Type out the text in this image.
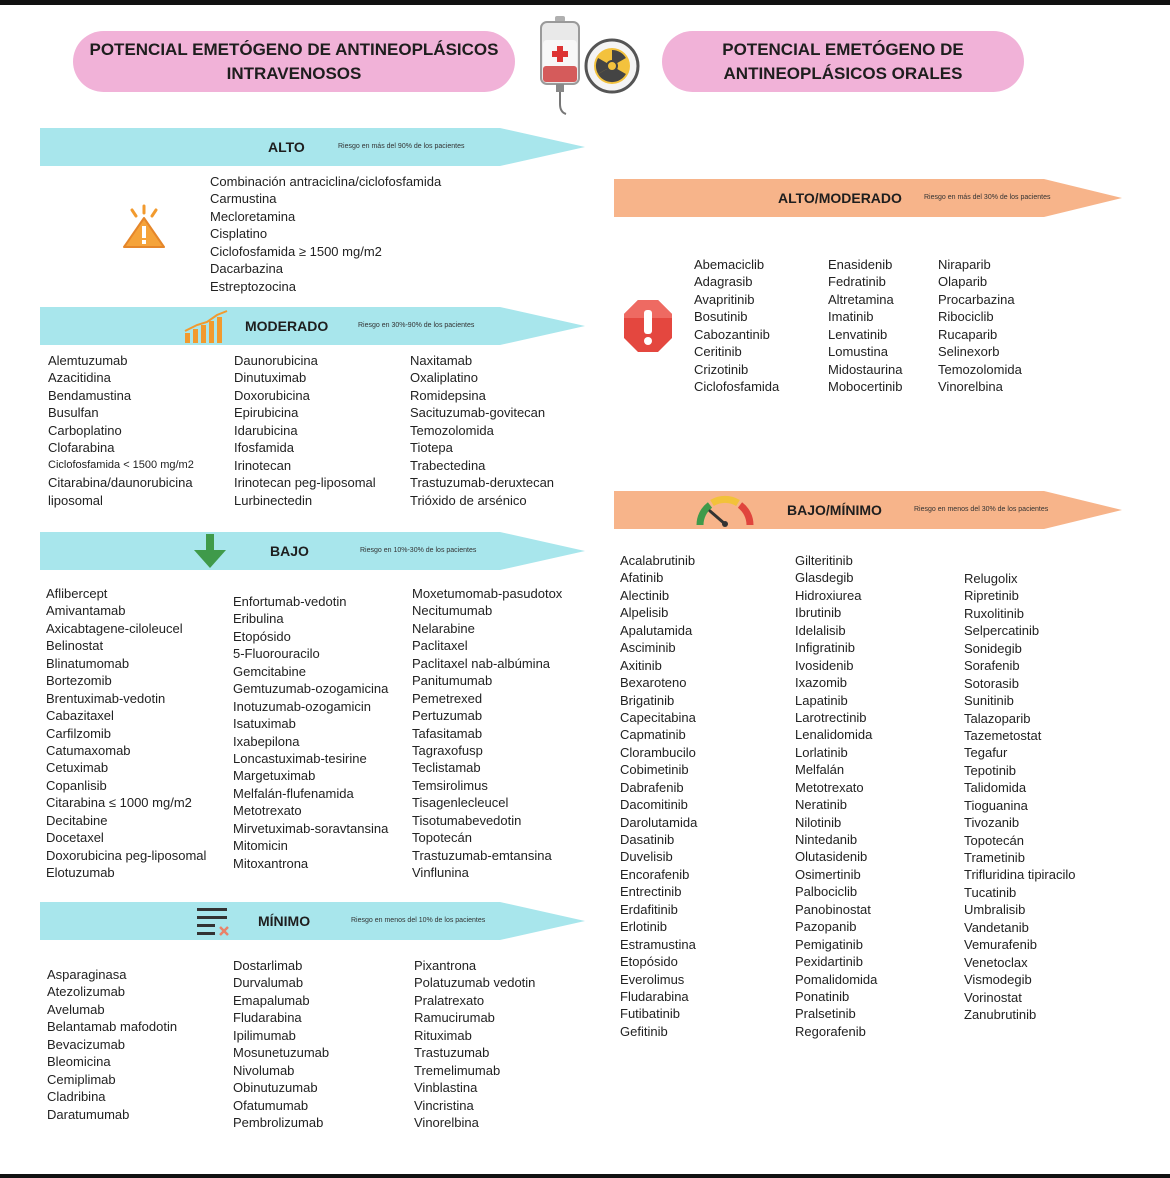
POTENCIAL EMETÓGENO DE ANTINEOPLÁSICOS
INTRAVENOSOS
POTENCIAL EMETÓGENO DE
ANTINEOPLÁSICOS ORALES
ALTO	Riesgo en más del 90% de los pacientes
Combinación antraciclina/ciclofosfamida
Carmustina
Mecloretamina
Cisplatino
Ciclofosfamida ≥ 1500 mg/m2
Dacarbazina
Estreptozocina
MODERADO	Riesgo en 30%-90% de los pacientes
Alemtuzumab
Azacitidina
Bendamustina
Busulfan
Carboplatino
Clofarabina
Ciclofosfamida < 1500 mg/m2
Citarabina/daunorubicina
liposomal
Daunorubicina
Dinutuximab
Doxorubicina
Epirubicina
Idarubicina
Ifosfamida
Irinotecan
Irinotecan peg-liposomal
Lurbinectedin
Naxitamab
Oxaliplatino
Romidepsina
Sacituzumab-govitecan
Temozolomida
Tiotepa
Trabectedina
Trastuzumab-deruxtecan
Trióxido de arsénico
BAJO	Riesgo en 10%-30% de los pacientes
Aflibercept
Amivantamab
Axicabtagene-ciloleucel
Belinostat
Blinatumomab
Bortezomib
Brentuximab-vedotin
Cabazitaxel
Carfilzomib
Catumaxomab
Cetuximab
Copanlisib
Citarabina ≤ 1000 mg/m2
Decitabine
Docetaxel
Doxorubicina peg-liposomal
Elotuzumab
Enfortumab-vedotin
Eribulina
Etopósido
5-Fluorouracilo
Gemcitabine
Gemtuzumab-ozogamicina
Inotuzumab-ozogamicin
Isatuximab
Ixabepilona
Loncastuximab-tesirine
Margetuximab
Melfalán-flufenamida
Metotrexato
Mirvetuximab-soravtansina
Mitomicin
Mitoxantrona
Moxetumomab-pasudotox
Necitumumab
Nelarabine
Paclitaxel
Paclitaxel nab-albúmina
Panitumumab
Pemetrexed
Pertuzumab
Tafasitamab
Tagraxofusp
Teclistamab
Temsirolimus
Tisagenlecleucel
Tisotumabevedotin
Topotecán
Trastuzumab-emtansina
Vinflunina
MÍNIMO	Riesgo en menos del 10% de los pacientes
Asparaginasa
Atezolizumab
Avelumab
Belantamab mafodotin
Bevacizumab
Bleomicina
Cemiplimab
Cladribina
Daratumumab
Dostarlimab
Durvalumab
Emapalumab
Fludarabina
Ipilimumab
Mosunetuzumab
Nivolumab
Obinutuzumab
Ofatumumab
Pembrolizumab
Pixantrona
Polatuzumab vedotin
Pralatrexato
Ramucirumab
Rituximab
Trastuzumab
Tremelimumab
Vinblastina
Vincristina
Vinorelbina
ALTO/MODERADO	Riesgo en más del 30% de los pacientes
Abemaciclib
Adagrasib
Avapritinib
Bosutinib
Cabozantinib
Ceritinib
Crizotinib
Ciclofosfamida
Enasidenib
Fedratinib
Altretamina
Imatinib
Lenvatinib
Lomustina
Midostaurina
Mobocertinib
Niraparib
Olaparib
Procarbazina
Ribociclib
Rucaparib
Selinexorb
Temozolomida
Vinorelbina
BAJO/MÍNIMO	Riesgo en menos del 30% de los pacientes
Acalabrutinib
Afatinib
Alectinib
Alpelisib
Apalutamida
Asciminib
Axitinib
Bexaroteno
Brigatinib
Capecitabina
Capmatinib
Clorambucilo
Cobimetinib
Dabrafenib
Dacomitinib
Darolutamida
Dasatinib
Duvelisib
Encorafenib
Entrectinib
Erdafitinib
Erlotinib
Estramustina
Etopósido
Everolimus
Fludarabina
Futibatinib
Gefitinib
Gilteritinib
Glasdegib
Hidroxiurea
Ibrutinib
Idelalisib
Infigratinib
Ivosidenib
Ixazomib
Lapatinib
Larotrectinib
Lenalidomida
Lorlatinib
Melfalán
Metotrexato
Neratinib
Nilotinib
Nintedanib
Olutasidenib
Osimertinib
Palbociclib
Panobinostat
Pazopanib
Pemigatinib
Pexidartinib
Pomalidomida
Ponatinib
Pralsetinib
Regorafenib
Relugolix
Ripretinib
Ruxolitinib
Selpercatinib
Sonidegib
Sorafenib
Sotorasib
Sunitinib
Talazoparib
Tazemetostat
Tegafur
Tepotinib
Talidomida
Tioguanina
Tivozanib
Topotecán
Trametinib
Trifluridina tipiracilo
Tucatinib
Umbralisib
Vandetanib
Vemurafenib
Venetoclax
Vismodegib
Vorinostat
Zanubrutinib
